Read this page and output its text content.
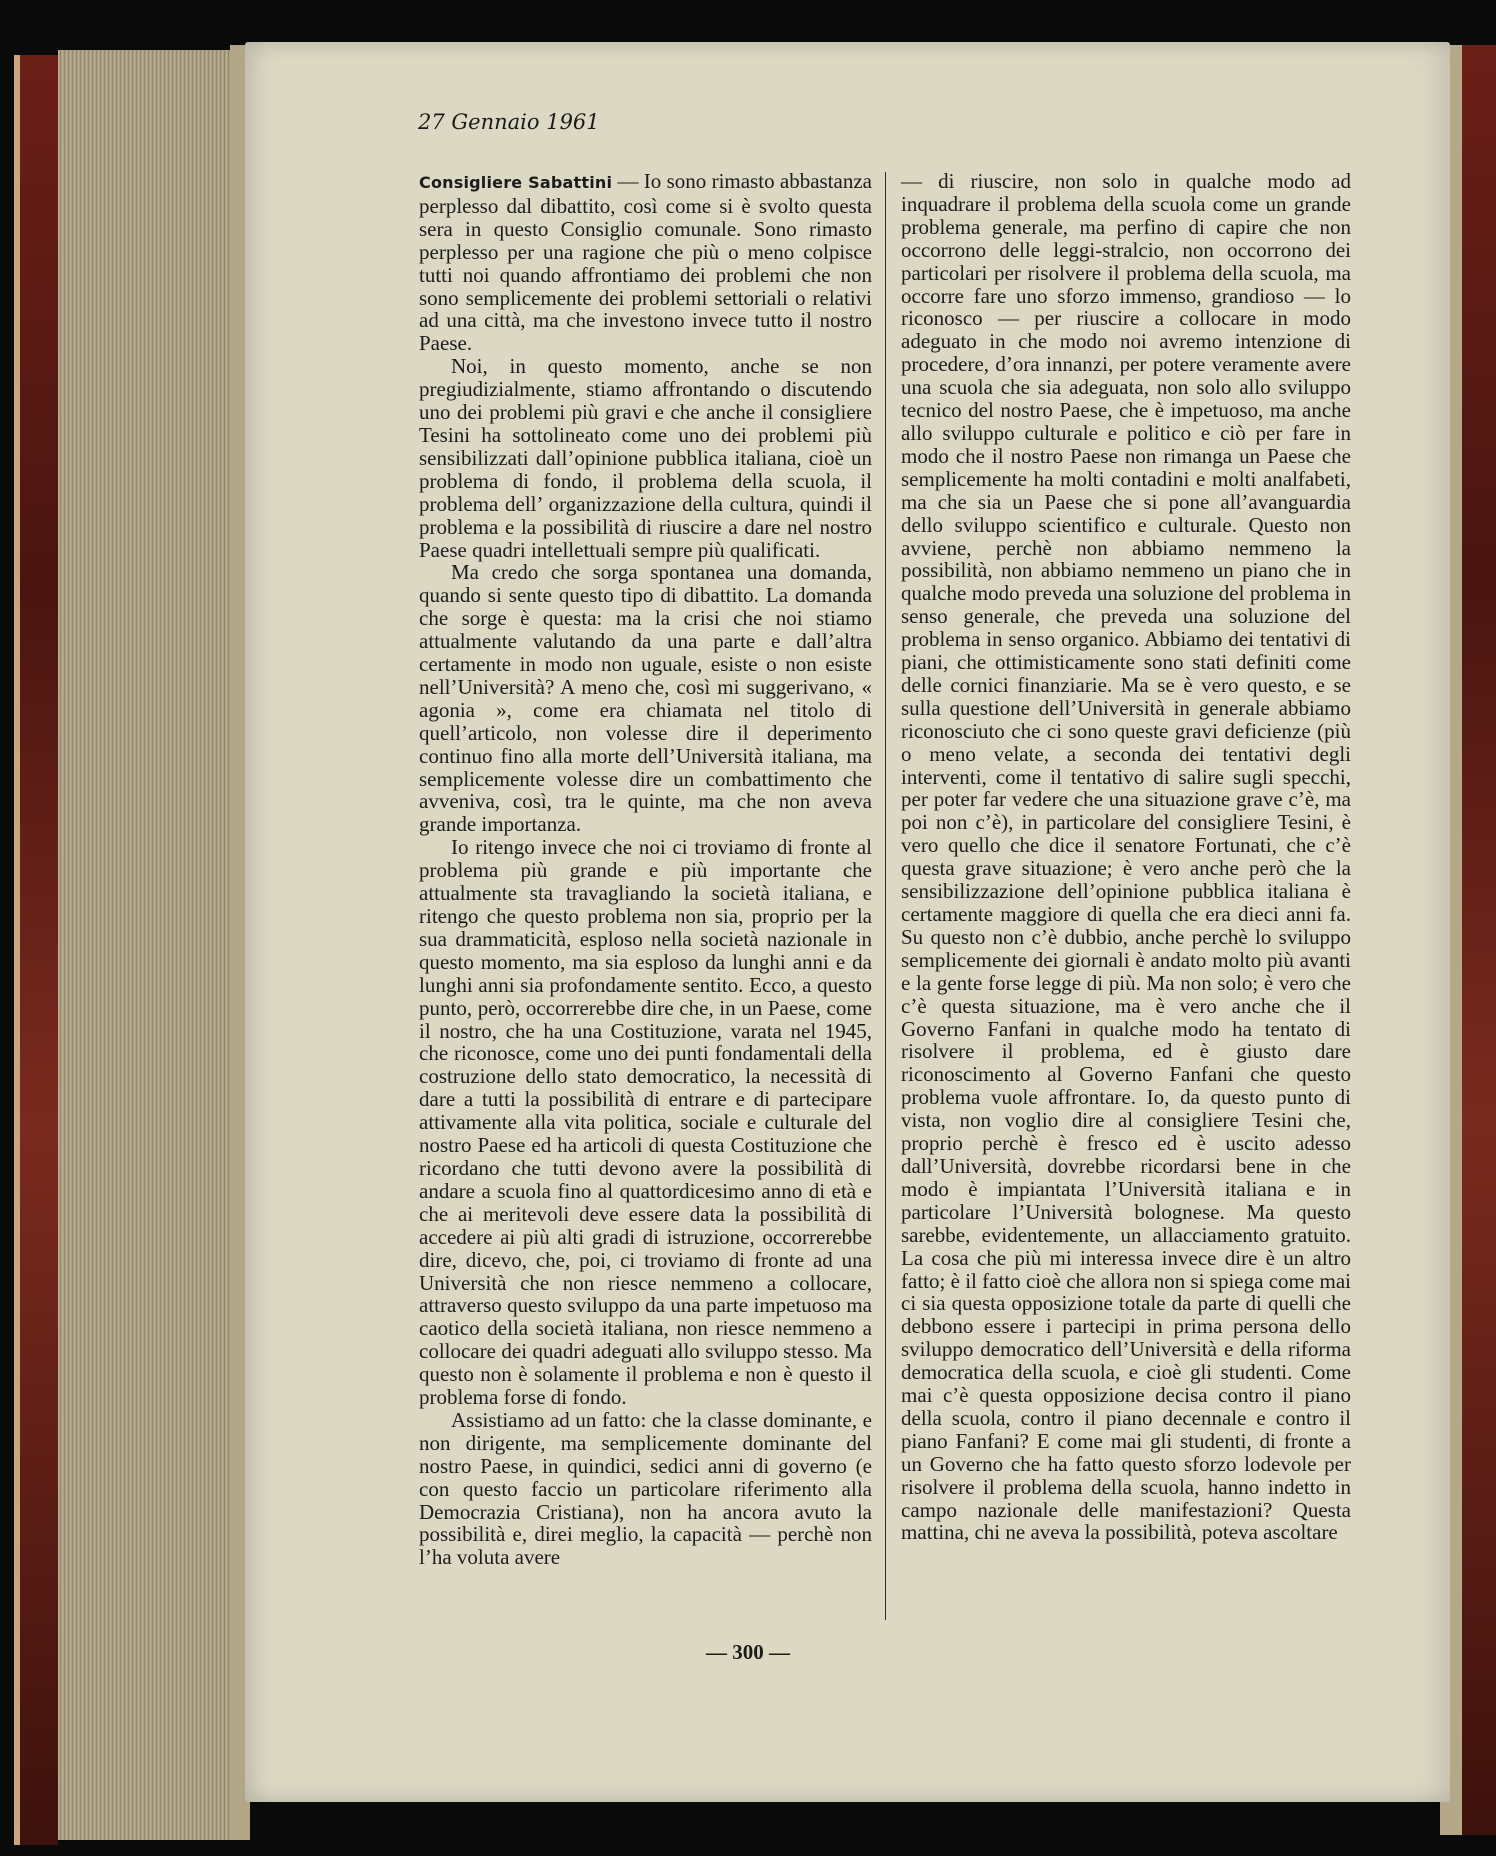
27 Gennaio 1961

Consigliere Sabattini — Io sono rimasto abbastanza perplesso dal dibattito, così come si è svolto questa sera in questo Consiglio comunale. Sono rimasto perplesso per una ragione che più o meno colpisce tutti noi quando affrontiamo dei problemi che non sono semplicemente dei problemi settoriali o relativi ad una città, ma che investono invece tutto il nostro Paese.

Noi, in questo momento, anche se non pregiudizialmente, stiamo affrontando o discutendo uno dei problemi più gravi e che anche il consigliere Tesini ha sottolineato come uno dei problemi più sensibilizzati dall’opinione pubblica italiana, cioè un problema di fondo, il problema della scuola, il problema dell’ organizzazione della cultura, quindi il problema e la possibilità di riuscire a dare nel nostro Paese quadri intellettuali sempre più qualificati.

Ma credo che sorga spontanea una domanda, quando si sente questo tipo di dibattito. La domanda che sorge è questa: ma la crisi che noi stiamo attualmente valutando da una parte e dall’altra certamente in modo non uguale, esiste o non esiste nell’Università? A meno che, così mi suggerivano, « agonia », come era chiamata nel titolo di quell’articolo, non volesse dire il deperimento continuo fino alla morte dell’Università italiana, ma semplicemente volesse dire un combattimento che avveniva, così, tra le quinte, ma che non aveva grande importanza.

Io ritengo invece che noi ci troviamo di fronte al problema più grande e più importante che attualmente sta travagliando la società italiana, e ritengo che questo problema non sia, proprio per la sua drammaticità, esploso nella società nazionale in questo momento, ma sia esploso da lunghi anni e da lunghi anni sia profondamente sentito. Ecco, a questo punto, però, occorrerebbe dire che, in un Paese, come il nostro, che ha una Costituzione, varata nel 1945, che riconosce, come uno dei punti fondamentali della costruzione dello stato democratico, la necessità di dare a tutti la possibilità di entrare e di partecipare attivamente alla vita politica, sociale e culturale del nostro Paese ed ha articoli di questa Costituzione che ricordano che tutti devono avere la possibilità di andare a scuola fino al quattordicesimo anno di età e che ai meritevoli deve essere data la possibilità di accedere ai più alti gradi di istruzione, occorrerebbe dire, dicevo, che, poi, ci troviamo di fronte ad una Università che non riesce nemmeno a collocare, attraverso questo sviluppo da una parte impetuoso ma caotico della società italiana, non riesce nemmeno a collocare dei quadri adeguati allo sviluppo stesso. Ma questo non è solamente il problema e non è questo il problema forse di fondo.

Assistiamo ad un fatto: che la classe dominante, e non dirigente, ma semplicemente dominante del nostro Paese, in quindici, sedici anni di governo (e con questo faccio un particolare riferimento alla Democrazia Cristiana), non ha ancora avuto la possibilità e, direi meglio, la capacità — perchè non l’ha voluta avere

— di riuscire, non solo in qualche modo ad inquadrare il problema della scuola come un grande problema generale, ma perfino di capire che non occorrono delle leggi-stralcio, non occorrono dei particolari per risolvere il problema della scuola, ma occorre fare uno sforzo immenso, grandioso — lo riconosco — per riuscire a collocare in modo adeguato in che modo noi avremo intenzione di procedere, d’ora innanzi, per potere veramente avere una scuola che sia adeguata, non solo allo sviluppo tecnico del nostro Paese, che è impetuoso, ma anche allo sviluppo culturale e politico e ciò per fare in modo che il nostro Paese non rimanga un Paese che semplicemente ha molti contadini e molti analfabeti, ma che sia un Paese che si pone all’avanguardia dello sviluppo scientifico e culturale. Questo non avviene, perchè non abbiamo nemmeno la possibilità, non abbiamo nemmeno un piano che in qualche modo preveda una soluzione del problema in senso generale, che preveda una soluzione del problema in senso organico. Abbiamo dei tentativi di piani, che ottimisticamente sono stati definiti come delle cornici finanziarie. Ma se è vero questo, e se sulla questione dell’Università in generale abbiamo riconosciuto che ci sono queste gravi deficienze (più o meno velate, a seconda dei tentativi degli interventi, come il tentativo di salire sugli specchi, per poter far vedere che una situazione grave c’è, ma poi non c’è), in particolare del consigliere Tesini, è vero quello che dice il senatore Fortunati, che c’è questa grave situazione; è vero anche però che la sensibilizzazione dell’opinione pubblica italiana è certamente maggiore di quella che era dieci anni fa. Su questo non c’è dubbio, anche perchè lo sviluppo semplicemente dei giornali è andato molto più avanti e la gente forse legge di più. Ma non solo; è vero che c’è questa situazione, ma è vero anche che il Governo Fanfani in qualche modo ha tentato di risolvere il problema, ed è giusto dare riconoscimento al Governo Fanfani che questo problema vuole affrontare. Io, da questo punto di vista, non voglio dire al consigliere Tesini che, proprio perchè è fresco ed è uscito adesso dall’Università, dovrebbe ricordarsi bene in che modo è impiantata l’Università italiana e in particolare l’Università bolognese. Ma questo sarebbe, evidentemente, un allacciamento gratuito. La cosa che più mi interessa invece dire è un altro fatto; è il fatto cioè che allora non si spiega come mai ci sia questa opposizione totale da parte di quelli che debbono essere i partecipi in prima persona dello sviluppo democratico dell’Università e della riforma democratica della scuola, e cioè gli studenti. Come mai c’è questa opposizione decisa contro il piano della scuola, contro il piano decennale e contro il piano Fanfani? E come mai gli studenti, di fronte a un Governo che ha fatto questo sforzo lodevole per risolvere il problema della scuola, hanno indetto in campo nazionale delle manifestazioni? Questa mattina, chi ne aveva la possibilità, poteva ascoltare

— 300 —
